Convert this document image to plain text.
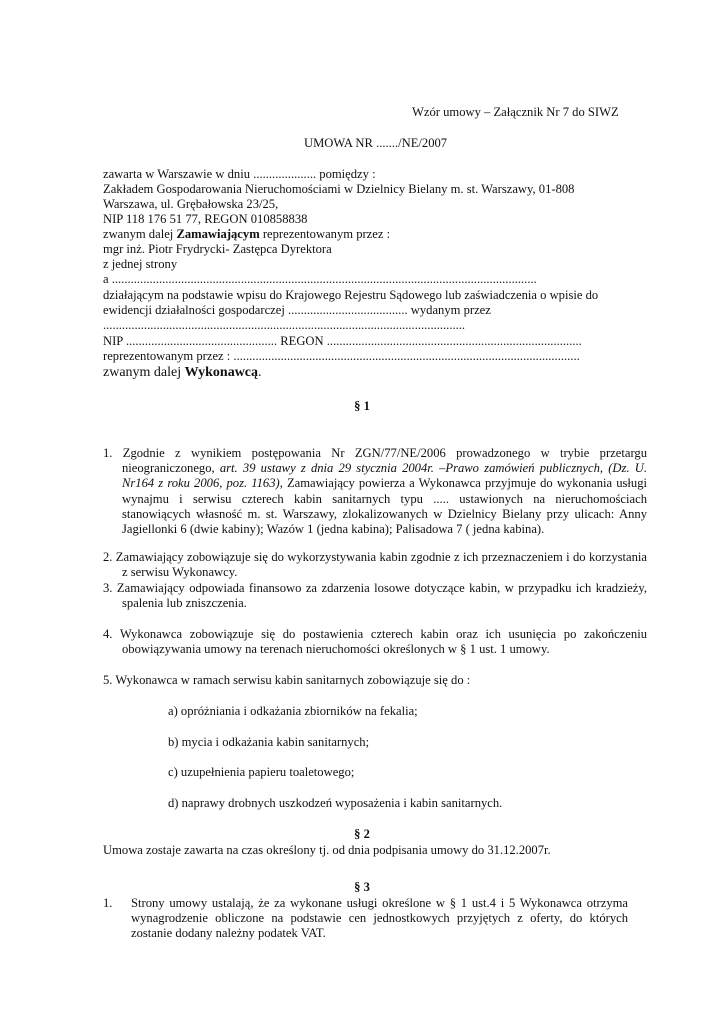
Wzór umowy – Załącznik Nr 7 do SIWZ
UMOWA NR ......./NE/2007
zawarta w Warszawie w dniu .................... pomiędzy :
Zakładem Gospodarowania Nieruchomościami w Dzielnicy Bielany m. st. Warszawy, 01-808
Warszawa, ul. Grębałowska 23/25,
NIP 118 176 51 77, REGON 010858838
zwanym dalej Zamawiającym reprezentowanym przez :
mgr inż. Piotr Frydrycki- Zastępca Dyrektora
z jednej strony
a .......................................................................................................................................
działającym na podstawie wpisu do Krajowego Rejestru Sądowego lub zaświadczenia o wpisie do
ewidencji działalności gospodarczej ...................................... wydanym przez
...................................................................................................................
NIP ................................................ REGON .................................................................................
reprezentowanym przez : ..............................................................................................................
zwanym dalej Wykonawcą.
§ 1
1. Zgodnie z wynikiem postępowania Nr ZGN/77/NE/2006 prowadzonego w trybie przetargu nieograniczonego, art. 39 ustawy z dnia 29 stycznia 2004r. –Prawo zamówień publicznych, (Dz. U. Nr164 z roku 2006, poz. 1163), Zamawiający powierza a Wykonawca przyjmuje do wykonania usługi wynajmu i serwisu czterech kabin sanitarnych typu ..... ustawionych na nieruchomościach stanowiących własność m. st. Warszawy, zlokalizowanych w Dzielnicy Bielany przy ulicach: Anny Jagiellonki 6 (dwie kabiny); Wazów 1 (jedna kabina); Palisadowa 7 ( jedna kabina).
2. Zamawiający zobowiązuje się do wykorzystywania kabin zgodnie z ich przeznaczeniem i do korzystania z serwisu Wykonawcy.
3. Zamawiający odpowiada finansowo za zdarzenia losowe dotyczące kabin, w przypadku ich kradzieży, spalenia lub zniszczenia.
4. Wykonawca zobowiązuje się do postawienia czterech kabin oraz ich usunięcia po zakończeniu obowiązywania umowy na terenach nieruchomości określonych w § 1 ust. 1 umowy.
5. Wykonawca w ramach serwisu kabin sanitarnych zobowiązuje się do :
a) opróżniania i odkażania zbiorników na fekalia;
b) mycia i odkażania kabin sanitarnych;
c) uzupełnienia papieru toaletowego;
d) naprawy drobnych uszkodzeń wyposażenia i kabin sanitarnych.
§ 2
Umowa zostaje zawarta na czas określony tj. od dnia podpisania umowy do 31.12.2007r.
§ 3
1. Strony umowy ustalają, że za wykonane usługi określone w § 1 ust.4 i 5 Wykonawca otrzyma wynagrodzenie obliczone na podstawie cen jednostkowych przyjętych z oferty, do których zostanie dodany należny podatek VAT.
